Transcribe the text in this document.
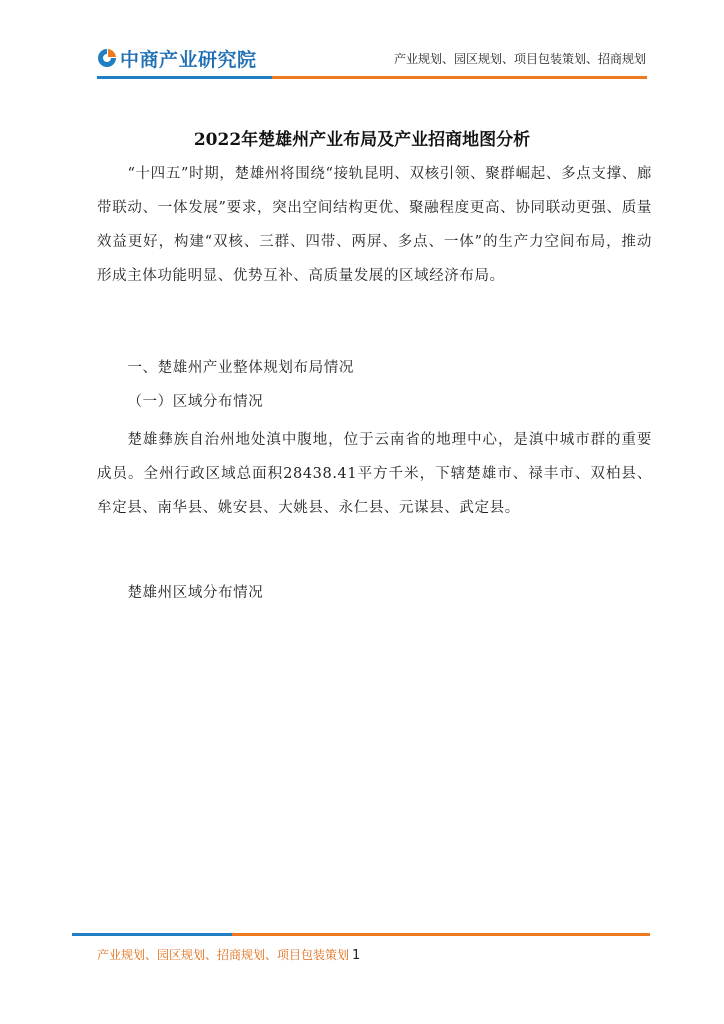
中商产业研究院	产业规划、园区规划、项目包装策划、招商规划
2022年楚雄州产业布局及产业招商地图分析
“十四五”时期，楚雄州将围绕“接轨昆明、双核引领、聚群崛起、多点支撑、廊带联动、一体发展”要求，突出空间结构更优、聚融程度更高、协同联动更强、质量效益更好，构建“双核、三群、四带、两屏、多点、一体”的生产力空间布局，推动形成主体功能明显、优势互补、高质量发展的区域经济布局。
一、楚雄州产业整体规划布局情况
（一）区域分布情况
楚雄彝族自治州地处滇中腹地，位于云南省的地理中心，是滇中城市群的重要成员。全州行政区域总面积28438.41平方千米，下辖楚雄市、禄丰市、双柏县、牟定县、南华县、姚安县、大姚县、永仁县、元谋县、武定县。
楚雄州区域分布情况
产业规划、园区规划、招商规划、项目包装策划 1
